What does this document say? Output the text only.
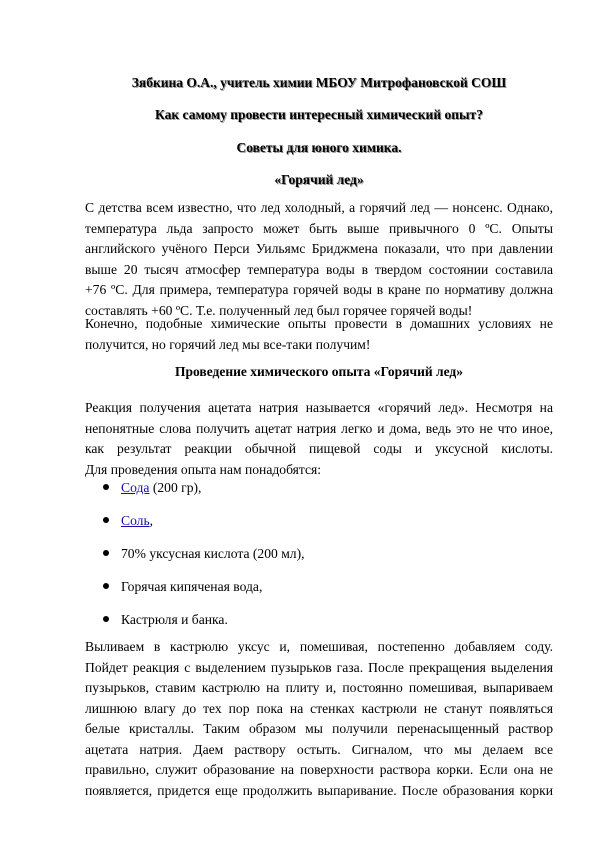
Зябкина О.А., учитель химии МБОУ Митрофановской СОШ
Как самому провести интересный химический опыт?
Советы для юного химика.
«Горячий лед»
С детства всем известно, что лед холодный, а горячий лед — нонсенс. Однако,
температура льда запросто может быть выше привычного 0 ºС. Опыты
английского учёного Перси Уильямс Бриджмена показали, что при давлении
выше 20 тысяч атмосфер температура воды в твердом состоянии составила
+76 ºС. Для примера, температура горячей воды в кране по нормативу должна
составлять +60 ºС. Т.е. полученный лед был горячее горячей воды!
Конечно, подобные химические опыты провести в домашних условиях не
получится, но горячий лед мы все-таки получим!
Проведение химического опыта «Горячий лед»
Реакция получения ацетата натрия называется «горячий лед». Несмотря на
непонятные слова получить ацетат натрия легко и дома, ведь это не что иное,
как результат реакции обычной пищевой соды и уксусной кислоты.
Для проведения опыта нам понадобятся:
Сода (200 гр),
Соль,
70% уксусная кислота (200 мл),
Горячая кипяченая вода,
Кастрюля и банка.
Выливаем в кастрюлю уксус и, помешивая, постепенно добавляем соду.
Пойдет реакция с выделением пузырьков газа. После прекращения выделения
пузырьков, ставим кастрюлю на плиту и, постоянно помешивая, выпариваем
лишнюю влагу до тех пор пока на стенках кастрюли не станут появляться
белые кристаллы. Таким образом мы получили перенасыщенный раствор
ацетата натрия. Даем раствору остыть. Сигналом, что мы делаем все
правильно, служит образование на поверхности раствора корки. Если она не
появляется, придется еще продолжить выпаривание. После образования корки
